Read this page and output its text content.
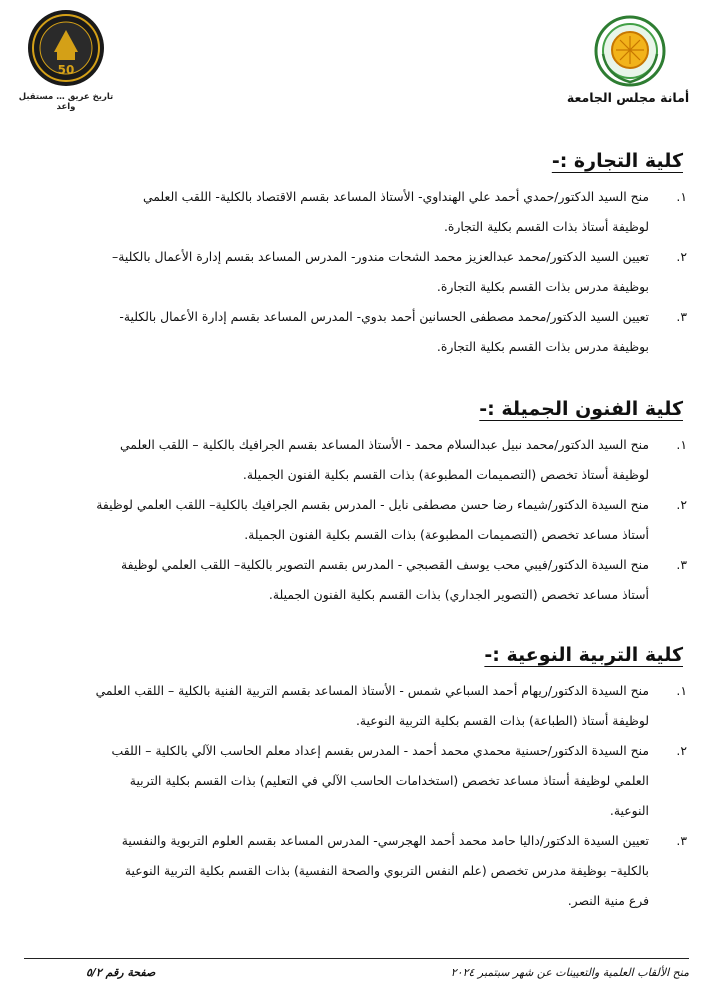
أمانة مجلس الجامعة
50
تاريخ عريق … مستقبل واعد
كلية التجارة :-
١.
منح السيد الدكتور/حمدي أحمد علي الهنداوي- الأستاذ المساعد بقسم الاقتصاد بالكلية- اللقب العلمي
لوظيفة أستاذ بذات القسم بكلية التجارة.
٢.
تعيين السيد الدكتور/محمد عبدالعزيز محمد الشحات مندور- المدرس المساعد بقسم إدارة الأعمال بالكلية–
بوظيفة مدرس بذات القسم بكلية التجارة.
٣.
تعيين السيد الدكتور/محمد مصطفى الحسانين أحمد بدوي- المدرس المساعد بقسم إدارة الأعمال بالكلية-
بوظيفة مدرس بذات القسم بكلية التجارة.
كلية الفنون الجميلة :-
١.
منح السيد الدكتور/محمد نبيل عبدالسلام محمد - الأستاذ المساعد بقسم الجرافيك بالكلية – اللقب العلمي
لوظيفة أستاذ تخصص (التصميمات المطبوعة) بذات القسم بكلية الفنون الجميلة.
٢.
منح السيدة الدكتور/شيماء رضا حسن مصطفى نايل - المدرس بقسم الجرافيك بالكلية– اللقب العلمي لوظيفة
أستاذ مساعد تخصص (التصميمات المطبوعة) بذات القسم بكلية الفنون الجميلة.
٣.
منح السيدة الدكتور/فيبي محب يوسف القصبجي - المدرس بقسم التصوير بالكلية– اللقب العلمي لوظيفة
أستاذ مساعد تخصص (التصوير الجداري) بذات القسم بكلية الفنون الجميلة.
كلية التربية النوعية :-
١.
منح السيدة الدكتور/ريهام أحمد السباعي شمس - الأستاذ المساعد بقسم التربية الفنية بالكلية – اللقب العلمي
لوظيفة أستاذ (الطباعة) بذات القسم بكلية التربية النوعية.
٢.
منح السيدة الدكتور/حسنية محمدي محمد أحمد - المدرس بقسم إعداد معلم الحاسب الآلي بالكلية – اللقب
العلمي لوظيفة أستاذ مساعد تخصص (استخدامات الحاسب الآلي في التعليم) بذات القسم بكلية التربية
النوعية.
٣.
تعيين السيدة الدكتور/داليا حامد محمد أحمد الهجرسي- المدرس المساعد بقسم العلوم التربوية والنفسية
بالكلية– بوظيفة مدرس تخصص (علم النفس التربوي والصحة النفسية) بذات القسم بكلية التربية النوعية
فرع منية النصر.
منح الألقاب العلمية والتعيينات عن شهر سبتمبر ٢٠٢٤
صفحة رقم ٥/٢
